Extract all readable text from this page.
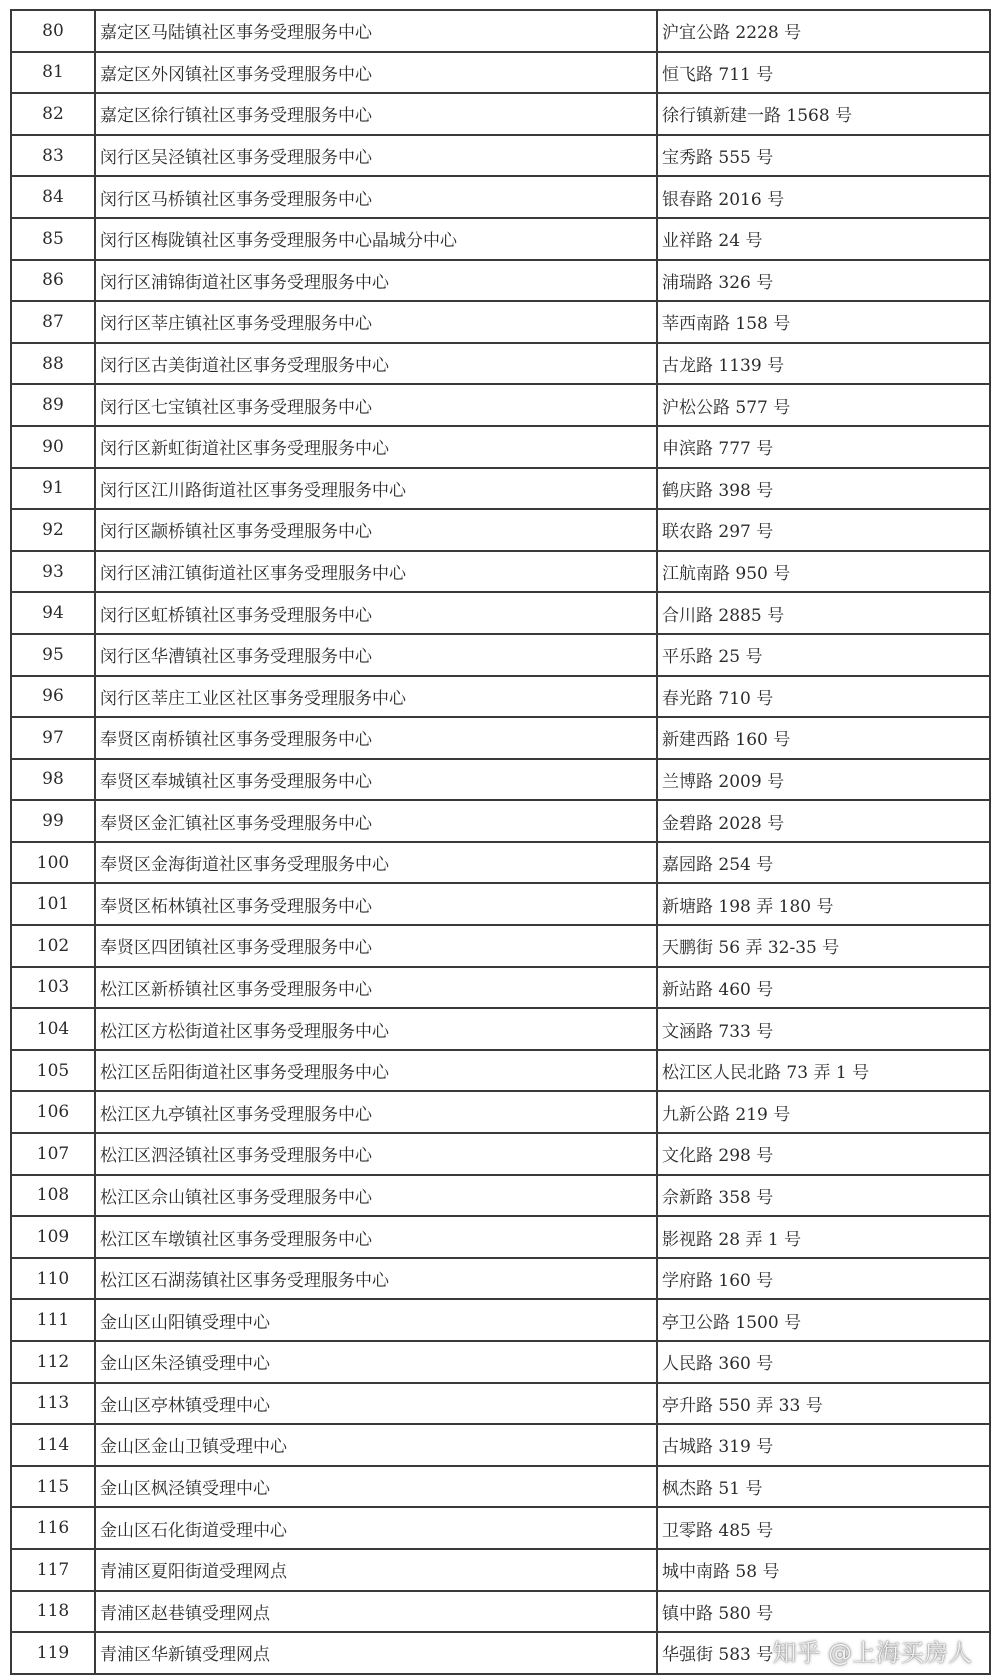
80	嘉定区马陆镇社区事务受理服务中心	沪宜公路 2228 号
81	嘉定区外冈镇社区事务受理服务中心	恒飞路 711 号
82	嘉定区徐行镇社区事务受理服务中心	徐行镇新建一路 1568 号
83	闵行区吴泾镇社区事务受理服务中心	宝秀路 555 号
84	闵行区马桥镇社区事务受理服务中心	银春路 2016 号
85	闵行区梅陇镇社区事务受理服务中心晶城分中心	业祥路 24 号
86	闵行区浦锦街道社区事务受理服务中心	浦瑞路 326 号
87	闵行区莘庄镇社区事务受理服务中心	莘西南路 158 号
88	闵行区古美街道社区事务受理服务中心	古龙路 1139 号
89	闵行区七宝镇社区事务受理服务中心	沪松公路 577 号
90	闵行区新虹街道社区事务受理服务中心	申滨路 777 号
91	闵行区江川路街道社区事务受理服务中心	鹤庆路 398 号
92	闵行区颛桥镇社区事务受理服务中心	联农路 297 号
93	闵行区浦江镇街道社区事务受理服务中心	江航南路 950 号
94	闵行区虹桥镇社区事务受理服务中心	合川路 2885 号
95	闵行区华漕镇社区事务受理服务中心	平乐路 25 号
96	闵行区莘庄工业区社区事务受理服务中心	春光路 710 号
97	奉贤区南桥镇社区事务受理服务中心	新建西路 160 号
98	奉贤区奉城镇社区事务受理服务中心	兰博路 2009 号
99	奉贤区金汇镇社区事务受理服务中心	金碧路 2028 号
100	奉贤区金海街道社区事务受理服务中心	嘉园路 254 号
101	奉贤区柘林镇社区事务受理服务中心	新塘路 198 弄 180 号
102	奉贤区四团镇社区事务受理服务中心	天鹏街 56 弄 32-35 号
103	松江区新桥镇社区事务受理服务中心	新站路 460 号
104	松江区方松街道社区事务受理服务中心	文涵路 733 号
105	松江区岳阳街道社区事务受理服务中心	松江区人民北路 73 弄 1 号
106	松江区九亭镇社区事务受理服务中心	九新公路 219 号
107	松江区泗泾镇社区事务受理服务中心	文化路 298 号
108	松江区佘山镇社区事务受理服务中心	佘新路 358 号
109	松江区车墩镇社区事务受理服务中心	影视路 28 弄 1 号
110	松江区石湖荡镇社区事务受理服务中心	学府路 160 号
111	金山区山阳镇受理中心	亭卫公路 1500 号
112	金山区朱泾镇受理中心	人民路 360 号
113	金山区亭林镇受理中心	亭升路 550 弄 33 号
114	金山区金山卫镇受理中心	古城路 319 号
115	金山区枫泾镇受理中心	枫杰路 51 号
116	金山区石化街道受理中心	卫零路 485 号
117	青浦区夏阳街道受理网点	城中南路 58 号
118	青浦区赵巷镇受理网点	镇中路 580 号
119	青浦区华新镇受理网点	华强街 583 号 知乎 @上海买房人
